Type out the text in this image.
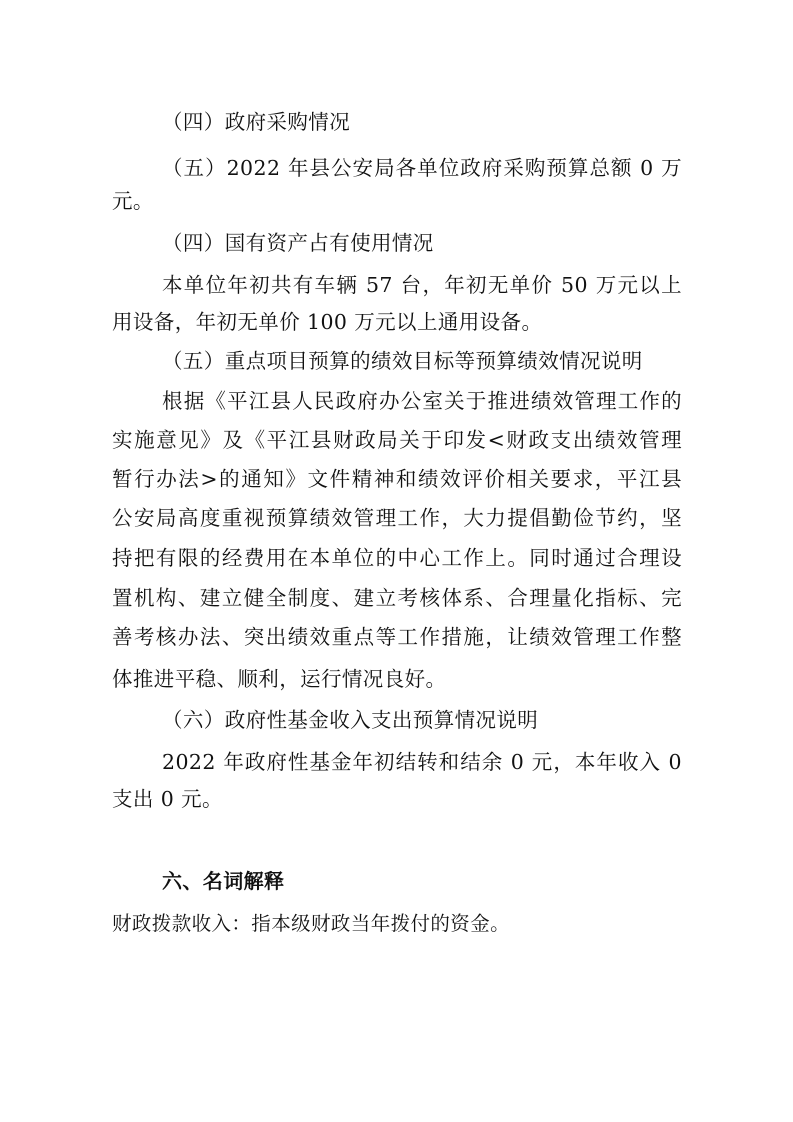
（四）政府采购情况
（五）2022 年县公安局各单位政府采购预算总额 0 万
元。
（四）国有资产占有使用情况
本单位年初共有车辆 57 台，年初无单价 50 万元以上
用设备，年初无单价 100 万元以上通用设备。
（五）重点项目预算的绩效目标等预算绩效情况说明
根据《平江县人民政府办公室关于推进绩效管理工作的
实施意见》及《平江县财政局关于印发<财政支出绩效管理
暂行办法>的通知》文件精神和绩效评价相关要求，平江县
公安局高度重视预算绩效管理工作，大力提倡勤俭节约，坚
持把有限的经费用在本单位的中心工作上。同时通过合理设
置机构、建立健全制度、建立考核体系、合理量化指标、完
善考核办法、突出绩效重点等工作措施，让绩效管理工作整
体推进平稳、顺利，运行情况良好。
（六）政府性基金收入支出预算情况说明
2022 年政府性基金年初结转和结余 0 元，本年收入 0
支出 0 元。
六、名词解释
财政拨款收入：指本级财政当年拨付的资金。
